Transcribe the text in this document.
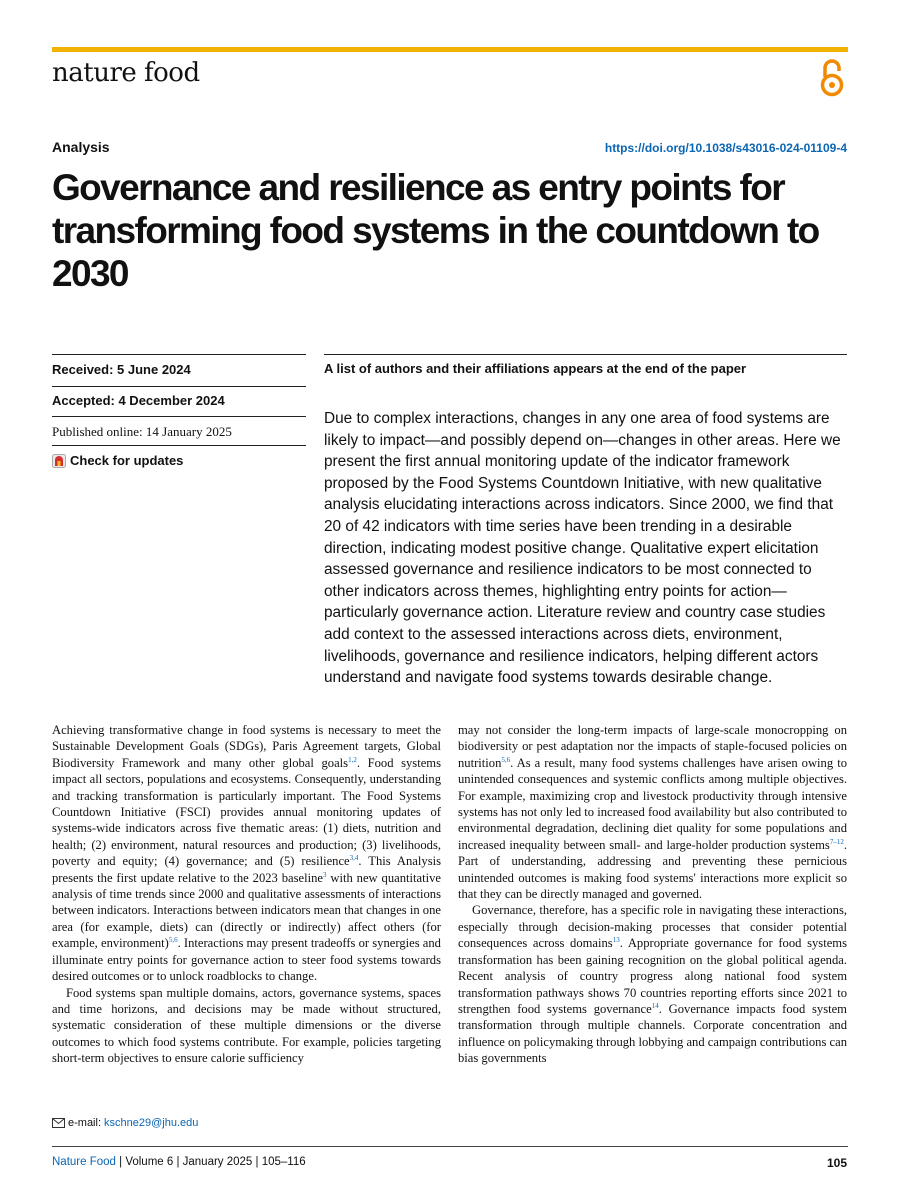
nature food
Analysis	https://doi.org/10.1038/s43016-024-01109-4
Governance and resilience as entry points for transforming food systems in the countdown to 2030
Received: 5 June 2024
Accepted: 4 December 2024
Published online: 14 January 2025
Check for updates
A list of authors and their affiliations appears at the end of the paper

Due to complex interactions, changes in any one area of food systems are likely to impact—and possibly depend on—changes in other areas. Here we present the first annual monitoring update of the indicator framework proposed by the Food Systems Countdown Initiative, with new qualitative analysis elucidating interactions across indicators. Since 2000, we find that 20 of 42 indicators with time series have been trending in a desirable direction, indicating modest positive change. Qualitative expert elicitation assessed governance and resilience indicators to be most connected to other indicators across themes, highlighting entry points for action—particularly governance action. Literature review and country case studies add context to the assessed interactions across diets, environment, livelihoods, governance and resilience indicators, helping different actors understand and navigate food systems towards desirable change.

Achieving transformative change in food systems is necessary to meet the Sustainable Development Goals (SDGs), Paris Agreement targets, Global Biodiversity Framework and many other global goals$^{1,2}$. Food systems impact all sectors, populations and ecosystems. Consequently, understanding and tracking transformation is particularly important. The Food Systems Countdown Initiative (FSCI) provides annual monitoring updates of systems-wide indicators across five thematic areas: (1) diets, nutrition and health; (2) environment, natural resources and production; (3) livelihoods, poverty and equity; (4) governance; and (5) resilience$^{3,4}$. This Analysis presents the first update relative to the 2023 baseline$^3$ with new quantitative analysis of time trends since 2000 and qualitative assessments of interactions between indicators. Interactions between indicators mean that changes in one area (for example, diets) can (directly or indirectly) affect others (for example, environment)$^{5,6}$. Interactions may present tradeoffs or synergies and illuminate entry points for governance action to steer food systems towards desired outcomes or to unlock roadblocks to change.

Food systems span multiple domains, actors, governance systems, spaces and time horizons, and decisions may be made without structured, systematic consideration of these multiple dimensions or the diverse outcomes to which food systems contribute. For example, policies targeting short-term objectives to ensure calorie sufficiency

may not consider the long-term impacts of large-scale monocropping on biodiversity or pest adaptation nor the impacts of staple-focused policies on nutrition$^{5,6}$. As a result, many food systems challenges have arisen owing to unintended consequences and systemic conflicts among multiple objectives. For example, maximizing crop and livestock productivity through intensive systems has not only led to increased food availability but also contributed to environmental degradation, declining diet quality for some populations and increased inequality between small- and large-holder production systems$^{7-12}$. Part of understanding, addressing and preventing these pernicious unintended outcomes is making food systems' interactions more explicit so that they can be directly managed and governed.

Governance, therefore, has a specific role in navigating these interactions, especially through decision-making processes that consider potential consequences across domains$^{13}$. Appropriate governance for food systems transformation has been gaining recognition on the global political agenda. Recent analysis of country progress along national food system transformation pathways shows 70 countries reporting efforts since 2021 to strengthen food systems governance$^{14}$. Governance impacts food system transformation through multiple channels. Corporate concentration and influence on policymaking through lobbying and campaign contributions can bias governments

e-mail: kschne29@jhu.edu
Nature Food | Volume 6 | January 2025 | 105–116	105
